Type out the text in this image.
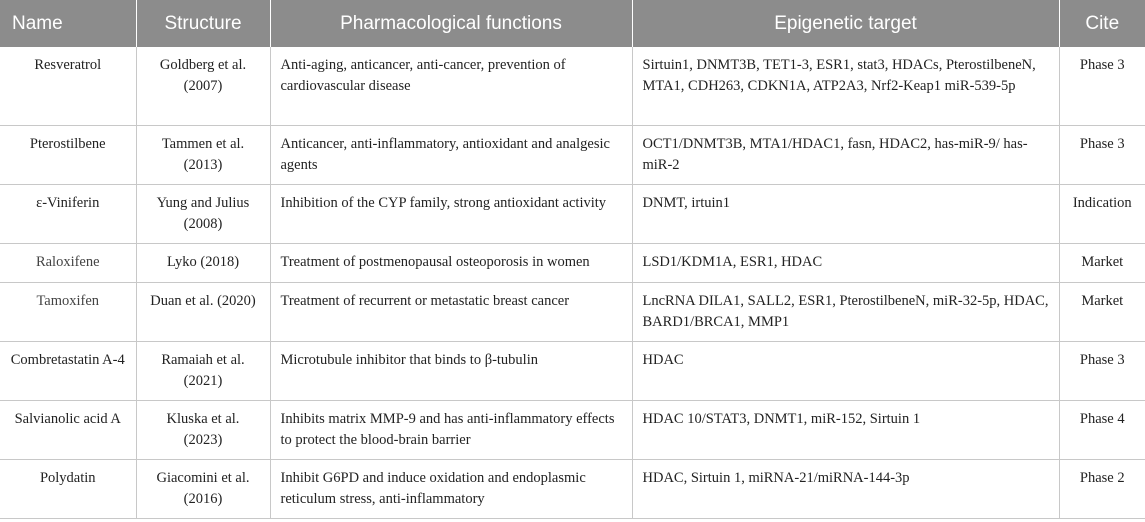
Name	Structure	Pharmacological functions	Epigenetic target	Cite
Resveratrol	Goldberg et al. (2007)	Anti-aging, anticancer, anti-cancer, prevention of cardiovascular disease	Sirtuin1, DNMT3B, TET1-3, ESR1, stat3, HDACs, PterostilbeneN, MTA1, CDH263, CDKN1A, ATP2A3, Nrf2-Keap1 miR-539-5p	Phase 3
Pterostilbene	Tammen et al. (2013)	Anticancer, anti-inflammatory, antioxidant and analgesic agents	OCT1/DNMT3B, MTA1/HDAC1, fasn, HDAC2, has-miR-9/ has-miR-2	Phase 3
ε-Viniferin	Yung and Julius (2008)	Inhibition of the CYP family, strong antioxidant activity	DNMT, irtuin1	Indication
Raloxifene	Lyko (2018)	Treatment of postmenopausal osteoporosis in women	LSD1/KDM1A, ESR1, HDAC	Market
Tamoxifen	Duan et al. (2020)	Treatment of recurrent or metastatic breast cancer	LncRNA DILA1, SALL2, ESR1, PterostilbeneN, miR-32-5p, HDAC, BARD1/BRCA1, MMP1	Market
Combretastatin A-4	Ramaiah et al. (2021)	Microtubule inhibitor that binds to β-tubulin	HDAC	Phase 3
Salvianolic acid A	Kluska et al. (2023)	Inhibits matrix MMP-9 and has anti-inflammatory effects to protect the blood-brain barrier	HDAC 10/STAT3, DNMT1, miR-152, Sirtuin 1	Phase 4
Polydatin	Giacomini et al. (2016)	Inhibit G6PD and induce oxidation and endoplasmic reticulum stress, anti-inflammatory	HDAC, Sirtuin 1, miRNA-21/miRNA-144-3p	Phase 2
